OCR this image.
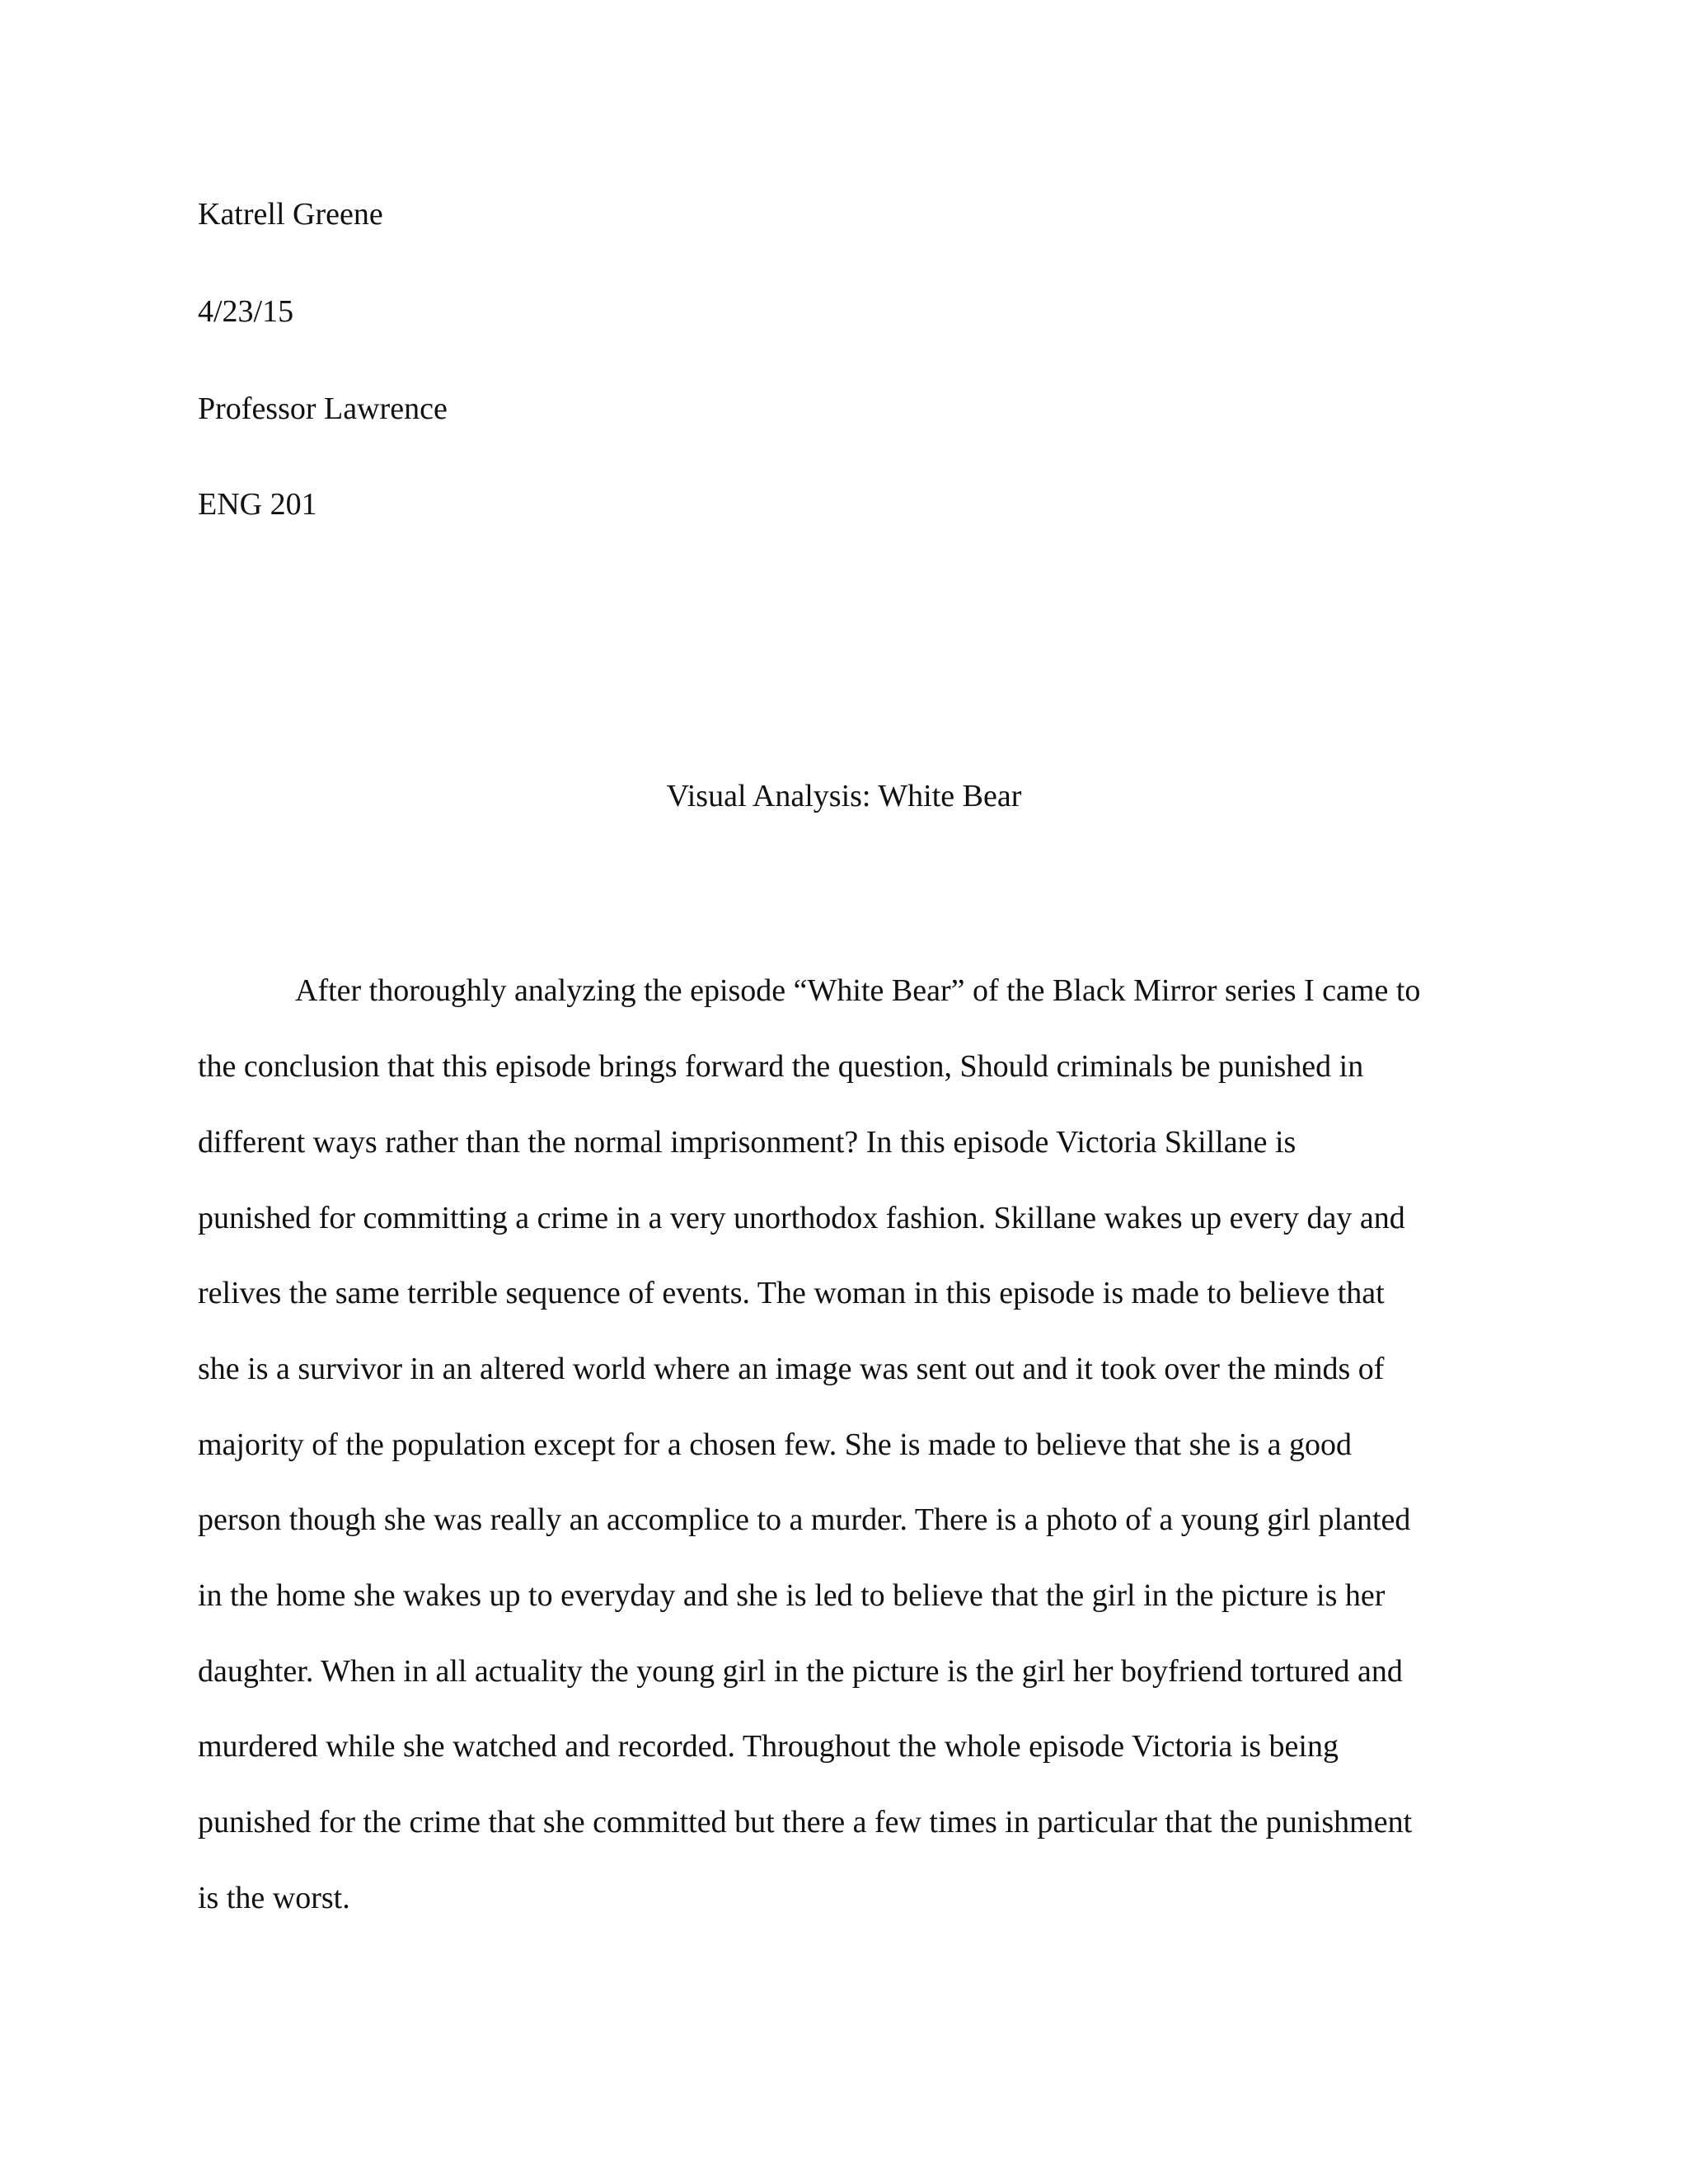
Katrell Greene

4/23/15

Professor Lawrence

ENG 201

Visual Analysis: White Bear

After thoroughly analyzing the episode “White Bear” of the Black Mirror series I came to

the conclusion that this episode brings forward the question, Should criminals be punished in

different ways rather than the normal imprisonment? In this episode Victoria Skillane is

punished for committing a crime in a very unorthodox fashion. Skillane wakes up every day and

relives the same terrible sequence of events. The woman in this episode is made to believe that

she is a survivor in an altered world where an image was sent out and it took over the minds of

majority of the population except for a chosen few. She is made to believe that she is a good

person though she was really an accomplice to a murder. There is a photo of a young girl planted

in the home she wakes up to everyday and she is led to believe that the girl in the picture is her

daughter. When in all actuality the young girl in the picture is the girl her boyfriend tortured and

murdered while she watched and recorded. Throughout the whole episode Victoria is being

punished for the crime that she committed but there a few times in particular that the punishment

is the worst.
